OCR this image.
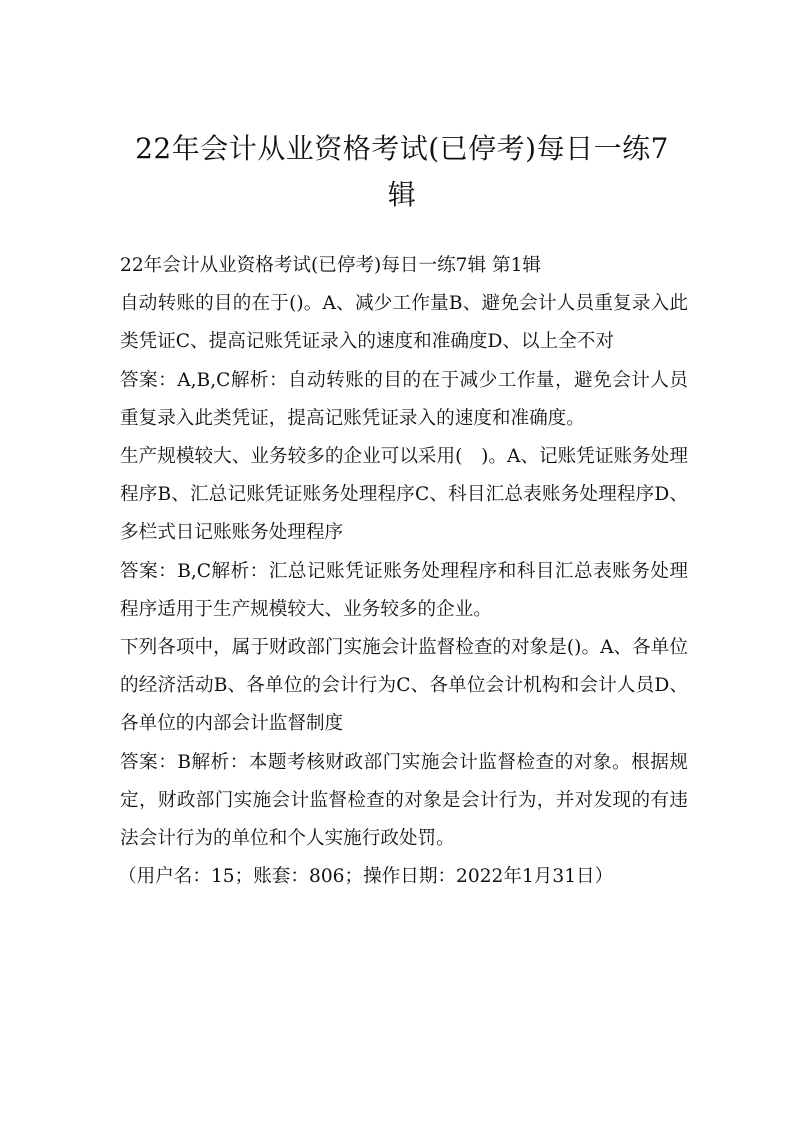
22年会计从业资格考试(已停考)每日一练7
辑

22年会计从业资格考试(已停考)每日一练7辑 第1辑

自动转账的目的在于()。A、减少工作量B、避免会计人员重复录入此类凭证C、提高记账凭证录入的速度和准确度D、以上全不对

答案：A,B,C解析：自动转账的目的在于减少工作量，避免会计人员重复录入此类凭证，提高记账凭证录入的速度和准确度。

生产规模较大、业务较多的企业可以采用(　)。A、记账凭证账务处理程序B、汇总记账凭证账务处理程序C、科目汇总表账务处理程序D、多栏式日记账账务处理程序

答案：B,C解析：汇总记账凭证账务处理程序和科目汇总表账务处理程序适用于生产规模较大、业务较多的企业。

下列各项中，属于财政部门实施会计监督检查的对象是()。A、各单位的经济活动B、各单位的会计行为C、各单位会计机构和会计人员D、各单位的内部会计监督制度

答案：B解析：本题考核财政部门实施会计监督检查的对象。根据规定，财政部门实施会计监督检查的对象是会计行为，并对发现的有违法会计行为的单位和个人实施行政处罚。

（用户名：15；账套：806；操作日期：2022年1月31日）
